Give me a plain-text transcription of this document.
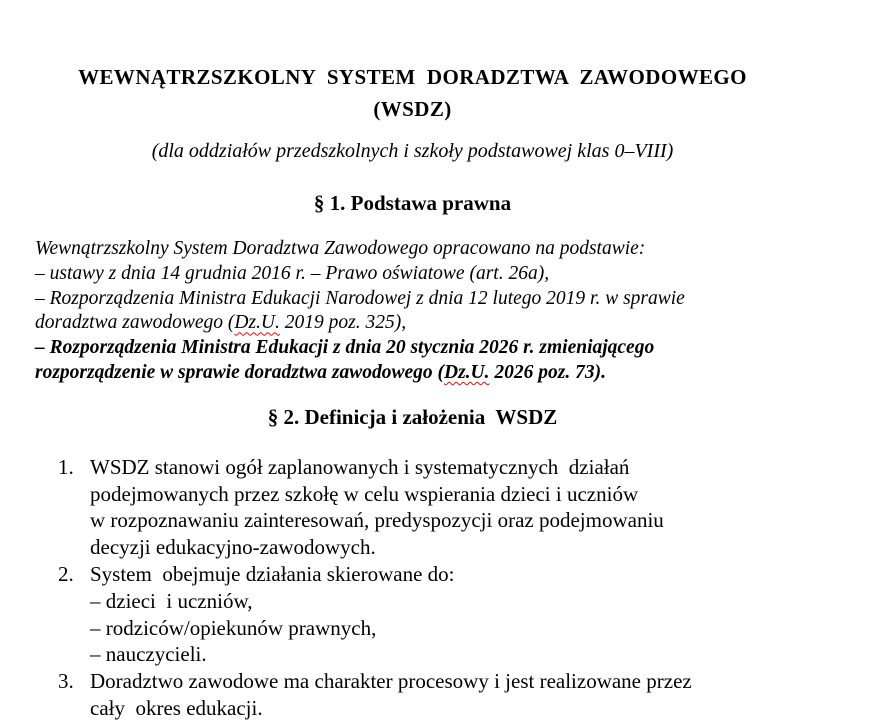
WEWNĄTRZSZKOLNY  SYSTEM  DORADZTWA  ZAWODOWEGO
(WSDZ)
(dla oddziałów przedszkolnych i szkoły podstawowej klas 0–VIII)
§ 1. Podstawa prawna
Wewnątrzszkolny System Doradztwa Zawodowego opracowano na podstawie:
– ustawy z dnia 14 grudnia 2016 r. – Prawo oświatowe (art. 26a),
– Rozporządzenia Ministra Edukacji Narodowej z dnia 12 lutego 2019 r. w sprawie
doradztwa zawodowego (Dz.U. 2019 poz. 325),
– Rozporządzenia Ministra Edukacji z dnia 20 stycznia 2026 r. zmieniającego
rozporządzenie w sprawie doradztwa zawodowego (Dz.U. 2026 poz. 73).
§ 2. Definicja i założenia  WSDZ
1. WSDZ stanowi ogół zaplanowanych i systematycznych  działań
podejmowanych przez szkołę w celu wspierania dzieci i uczniów
w rozpoznawaniu zainteresowań, predyspozycji oraz podejmowaniu
decyzji edukacyjno-zawodowych.
2. System  obejmuje działania skierowane do:
– dzieci  i uczniów,
– rodziców/opiekunów prawnych,
– nauczycieli.
3. Doradztwo zawodowe ma charakter procesowy i jest realizowane przez
cały  okres edukacji.
